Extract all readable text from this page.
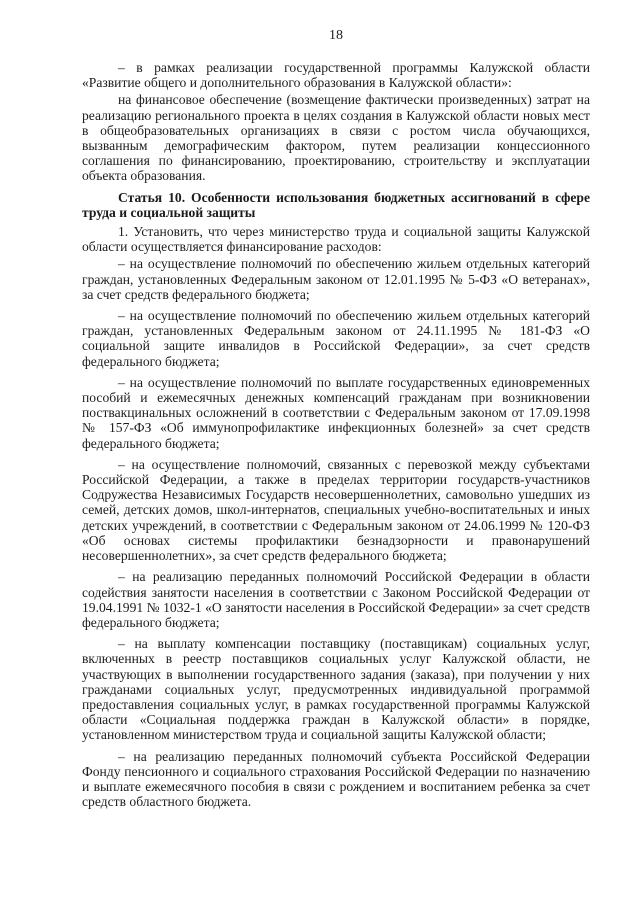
18

– в рамках реализации государственной программы Калужской области «Развитие общего и дополнительного образования в Калужской области»:

на финансовое обеспечение (возмещение фактически произведенных) затрат на реализацию регионального проекта в целях создания в Калужской области новых мест в общеобразовательных организациях в связи с ростом числа обучающихся, вызванным демографическим фактором, путем реализации концессионного соглашения по финансированию, проектированию, строительству и эксплуатации объекта образования.

Статья 10. Особенности использования бюджетных ассигнований в сфере труда и социальной защиты

1. Установить, что через министерство труда и социальной защиты Калужской области осуществляется финансирование расходов:

– на осуществление полномочий по обеспечению жильем отдельных категорий граждан, установленных Федеральным законом от 12.01.1995 № 5-ФЗ «О ветеранах», за счет средств федерального бюджета;

– на осуществление полномочий по обеспечению жильем отдельных категорий граждан, установленных Федеральным законом от 24.11.1995 № 181-ФЗ «О социальной защите инвалидов в Российской Федерации», за счет средств федерального бюджета;

– на осуществление полномочий по выплате государственных единовременных пособий и ежемесячных денежных компенсаций гражданам при возникновении поствакцинальных осложнений в соответствии с Федеральным законом от 17.09.1998 № 157-ФЗ «Об иммунопрофилактике инфекционных болезней» за счет средств федерального бюджета;

– на осуществление полномочий, связанных с перевозкой между субъектами Российской Федерации, а также в пределах территории государств-участников Содружества Независимых Государств несовершеннолетних, самовольно ушедших из семей, детских домов, школ-интернатов, специальных учебно-воспитательных и иных детских учреждений, в соответствии с Федеральным законом от 24.06.1999 № 120-ФЗ «Об основах системы профилактики безнадзорности и правонарушений несовершеннолетних», за счет средств федерального бюджета;

– на реализацию переданных полномочий Российской Федерации в области содействия занятости населения в соответствии с Законом Российской Федерации от 19.04.1991 № 1032-1 «О занятости населения в Российской Федерации» за счет средств федерального бюджета;

– на выплату компенсации поставщику (поставщикам) социальных услуг, включенных в реестр поставщиков социальных услуг Калужской области, не участвующих в выполнении государственного задания (заказа), при получении у них гражданами социальных услуг, предусмотренных индивидуальной программой предоставления социальных услуг, в рамках государственной программы Калужской области «Социальная поддержка граждан в Калужской области» в порядке, установленном министерством труда и социальной защиты Калужской области;

– на реализацию переданных полномочий субъекта Российской Федерации Фонду пенсионного и социального страхования Российской Федерации по назначению и выплате ежемесячного пособия в связи с рождением и воспитанием ребенка за счет средств областного бюджета.
